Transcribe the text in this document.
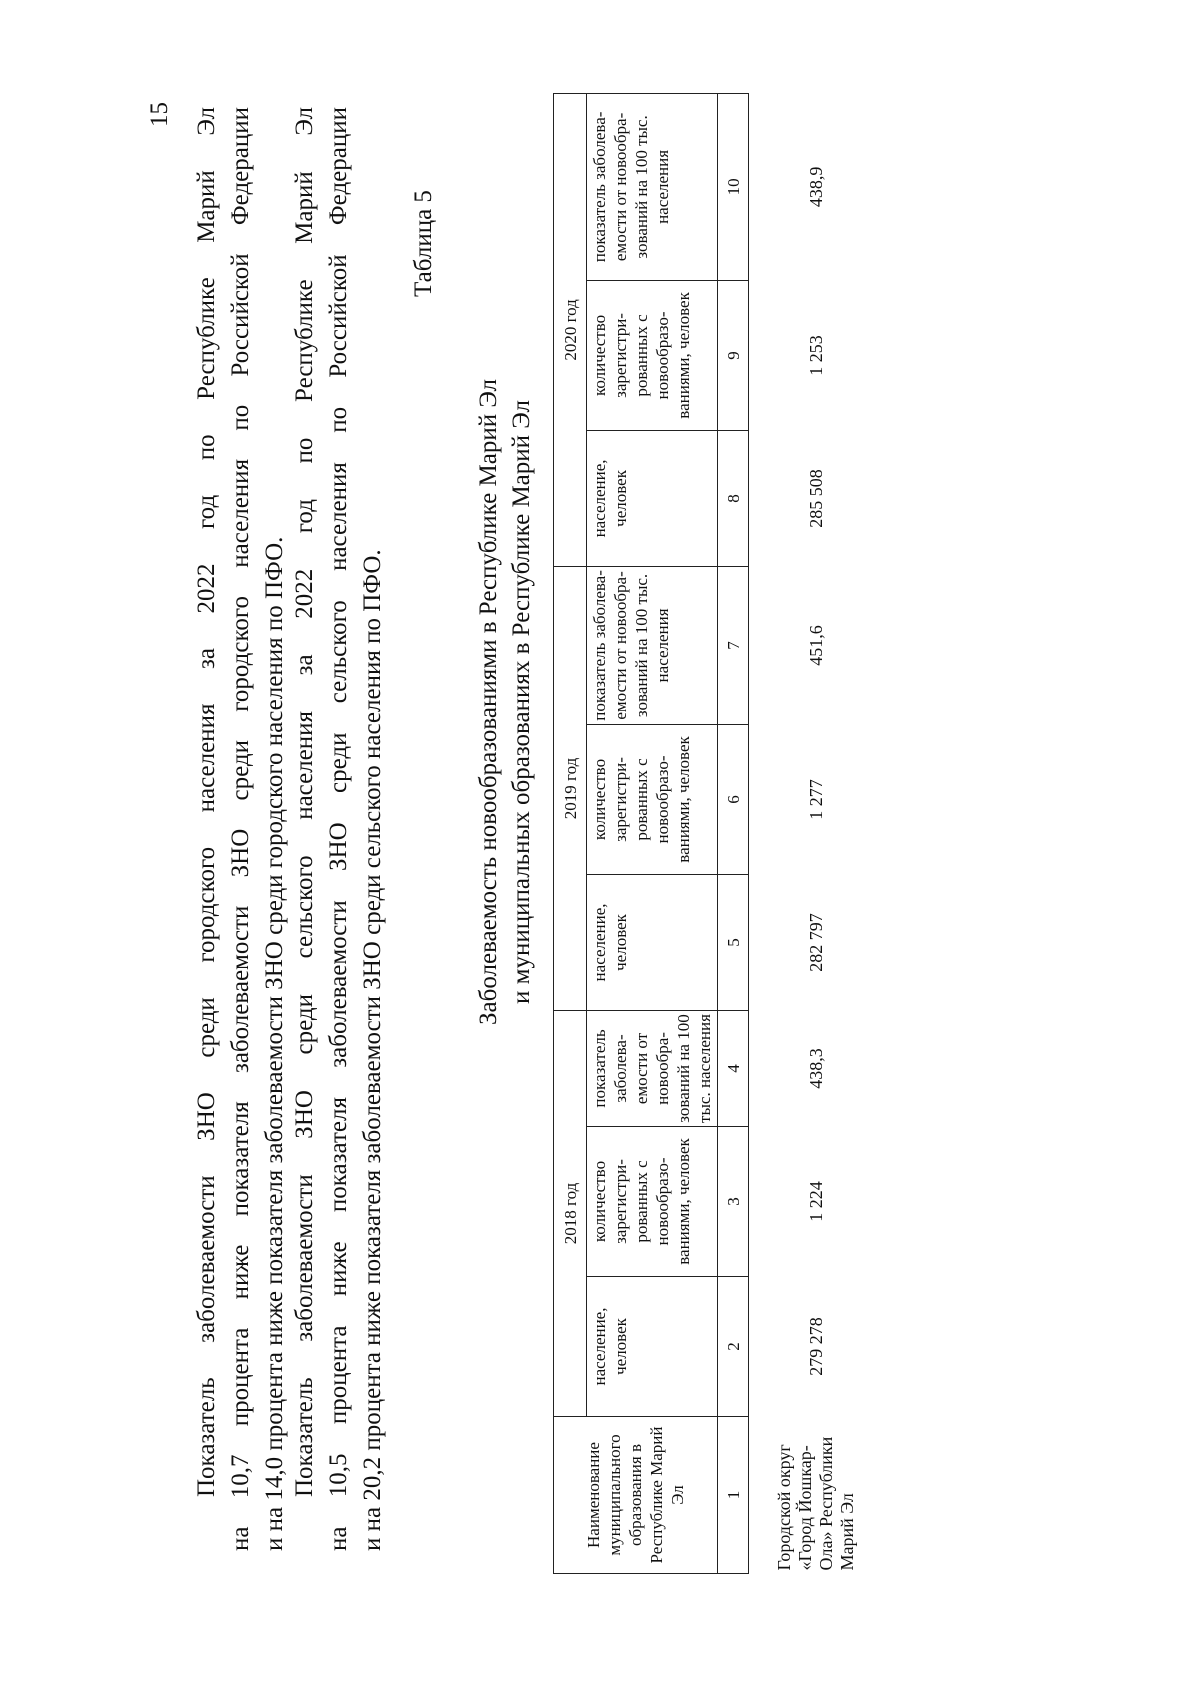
15 Показатель заболеваемости ЗНО среди городского населения за 2022 год по Республике Марий Эл на 10,7 процента ниже показателя заболеваемости ЗНО среди городского населения по Российской Федерации и на 14,0 процента ниже показателя заболеваемости ЗНО среди городского населения по ПФО. Показатель заболеваемости ЗНО среди сельского населения за 2022 год по Республике Марий Эл на 10,5 процента ниже показателя заболеваемости ЗНО среди сельского населения по Российской Федерации и на 20,2 процента ниже показателя заболеваемости ЗНО среди сельского населения по ПФО.
Таблица 5
Заболеваемость новообразованиями в Республике Марий Эл и муниципальных образованиях в Республике Марий Эл
Наименование муниципального образования в Республике Марий Эл	2018 год			2019 год			2020 год		
	население, человек	количество зарегистри-рованных с новообразо-ваниями, человек	показатель заболева-емости от новообра-зований на 100 тыс. населения	население, человек	количество зарегистри-рованных с новообразо-ваниями, человек	показатель заболева-емости от новообра-зований на 100 тыс. населения	население, человек	количество зарегистри-рованных с новообразо-ваниями, человек	показатель заболева-емости от новообра-зований на 100 тыс. населения
1	2	3	4	5	6	7	8	9	10
Городской округ «Город Йошкар-Ола» Республики Марий Эл	279 278	1 224	438,3	282 797	1 277	451,6	285 508	1 253	438,9
